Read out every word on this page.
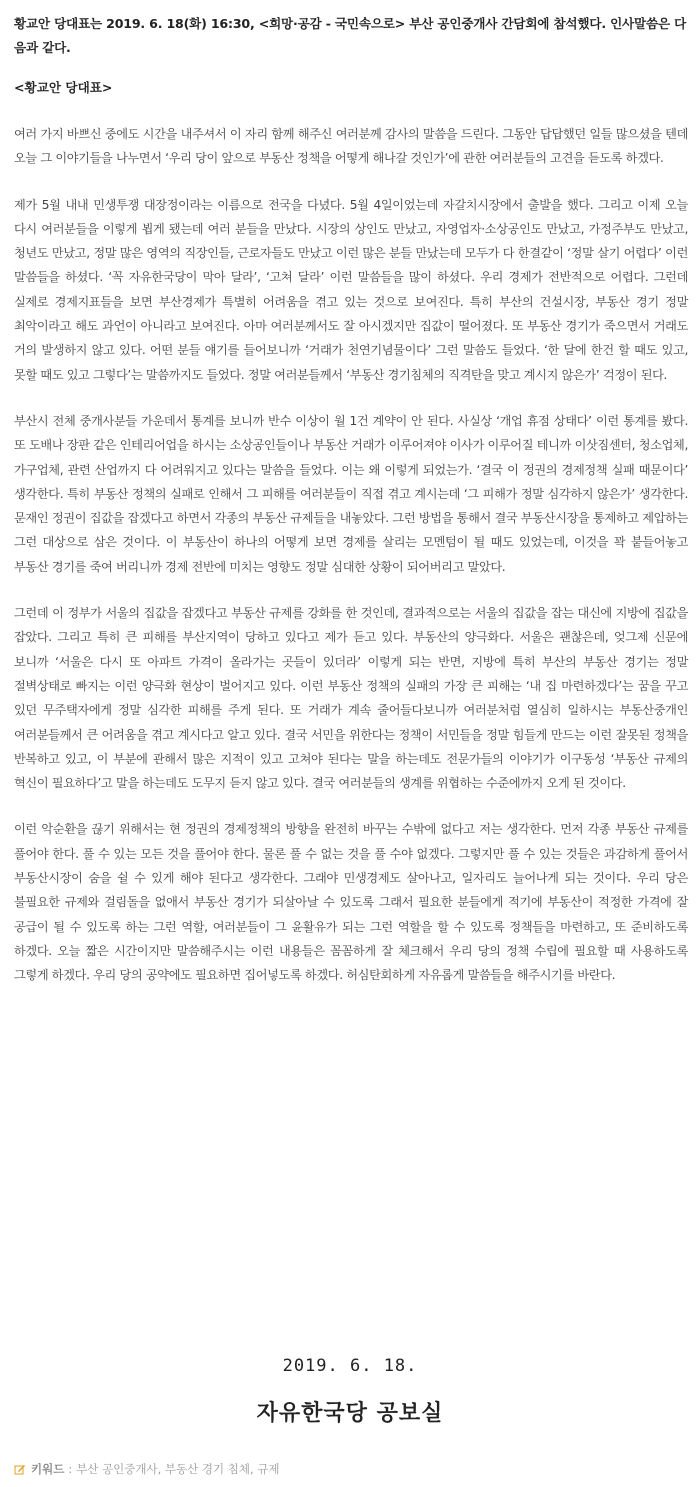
황교안 당대표는 2019. 6. 18(화) 16:30, <희망·공감 - 국민속으로> 부산 공인중개사 간담회에 참석했다. 인사말씀은 다음과 같다.

<황교안 당대표>

여러 가지 바쁘신 중에도 시간을 내주셔서 이 자리 함께 해주신 여러분께 감사의 말씀을 드린다. 그동안 답답했던 일들 많으셨을 텐데 오늘 그 이야기들을 나누면서 ‘우리 당이 앞으로 부동산 정책을 어떻게 해나갈 것인가’에 관한 여러분들의 고견을 듣도록 하겠다.

제가 5월 내내 민생투쟁 대장정이라는 이름으로 전국을 다녔다. 5월 4일이었는데 자갈치시장에서 출발을 했다. 그리고 이제 오늘 다시 여러분들을 이렇게 뵙게 됐는데 여러 분들을 만났다. 시장의 상인도 만났고, 자영업자·소상공인도 만났고, 가정주부도 만났고, 청년도 만났고, 정말 많은 영역의 직장인들, 근로자들도 만났고 이런 많은 분들 만났는데 모두가 다 한결같이 ‘정말 살기 어렵다’ 이런 말씀들을 하셨다. ‘꼭 자유한국당이 막아 달라’, ‘고쳐 달라’ 이런 말씀들을 많이 하셨다. 우리 경제가 전반적으로 어렵다. 그런데 실제로 경제지표들을 보면 부산경제가 특별히 어려움을 겪고 있는 것으로 보여진다. 특히 부산의 건설시장, 부동산 경기 정말 최악이라고 해도 과언이 아니라고 보여진다. 아마 여러분께서도 잘 아시겠지만 집값이 떨어졌다. 또 부동산 경기가 죽으면서 거래도 거의 발생하지 않고 있다. 어떤 분들 얘기를 들어보니까 ‘거래가 천연기념물이다’ 그런 말씀도 들었다. ‘한 달에 한건 할 때도 있고, 못할 때도 있고 그렇다’는 말씀까지도 들었다. 정말 여러분들께서 ‘부동산 경기침체의 직격탄을 맞고 계시지 않은가’ 걱정이 된다.

부산시 전체 중개사분들 가운데서 통계를 보니까 반수 이상이 월 1건 계약이 안 된다. 사실상 ‘개업 휴점 상태다’ 이런 통계를 봤다. 또 도배나 장판 같은 인테리어업을 하시는 소상공인들이나 부동산 거래가 이루어져야 이사가 이루어질 테니까 이삿짐센터, 청소업체, 가구업체, 관련 산업까지 다 어려워지고 있다는 말씀을 들었다. 이는 왜 이렇게 되었는가. ‘결국 이 정권의 경제정책 실패 때문이다’ 생각한다. 특히 부동산 정책의 실패로 인해서 그 피해를 여러분들이 직접 겪고 계시는데 ‘그 피해가 정말 심각하지 않은가’ 생각한다. 문재인 정권이 집값을 잡겠다고 하면서 각종의 부동산 규제들을 내놓았다. 그런 방법을 통해서 결국 부동산시장을 통제하고 제압하는 그런 대상으로 삼은 것이다. 이 부동산이 하나의 어떻게 보면 경제를 살리는 모멘텀이 될 때도 있었는데, 이것을 꽉 붙들어놓고 부동산 경기를 죽여 버리니까 경제 전반에 미치는 영향도 정말 심대한 상황이 되어버리고 말았다.

그런데 이 정부가 서울의 집값을 잡겠다고 부동산 규제를 강화를 한 것인데, 결과적으로는 서울의 집값을 잡는 대신에 지방에 집값을 잡았다. 그리고 특히 큰 피해를 부산지역이 당하고 있다고 제가 듣고 있다. 부동산의 양극화다. 서울은 괜찮은데, 엊그제 신문에 보니까 ‘서울은 다시 또 아파트 가격이 올라가는 곳들이 있더라’ 이렇게 되는 반면, 지방에 특히 부산의 부동산 경기는 정말 절벽상태로 빠지는 이런 양극화 현상이 벌어지고 있다. 이런 부동산 정책의 실패의 가장 큰 피해는 ‘내 집 마련하겠다’는 꿈을 꾸고 있던 무주택자에게 정말 심각한 피해를 주게 된다. 또 거래가 계속 줄어들다보니까 여러분처럼 열심히 일하시는 부동산중개인 여러분들께서 큰 어려움을 겪고 계시다고 알고 있다. 결국 서민을 위한다는 정책이 서민들을 정말 힘들게 만드는 이런 잘못된 정책을 반복하고 있고, 이 부분에 관해서 많은 지적이 있고 고쳐야 된다는 말을 하는데도 전문가들의 이야기가 이구동성 ‘부동산 규제의 혁신이 필요하다’고 말을 하는데도 도무지 듣지 않고 있다. 결국 여러분들의 생계를 위협하는 수준에까지 오게 된 것이다.

이런 악순환을 끊기 위해서는 현 정권의 경제정책의 방향을 완전히 바꾸는 수밖에 없다고 저는 생각한다. 먼저 각종 부동산 규제를 풀어야 한다. 풀 수 있는 모든 것을 풀어야 한다. 물론 풀 수 없는 것을 풀 수야 없겠다. 그렇지만 풀 수 있는 것들은 과감하게 풀어서 부동산시장이 숨을 쉴 수 있게 해야 된다고 생각한다. 그래야 민생경제도 살아나고, 일자리도 늘어나게 되는 것이다. 우리 당은 불필요한 규제와 걸림돌을 없애서 부동산 경기가 되살아날 수 있도록 그래서 필요한 분들에게 적기에 부동산이 적정한 가격에 잘 공급이 될 수 있도록 하는 그런 역할, 여러분들이 그 윤활유가 되는 그런 역할을 할 수 있도록 정책들을 마련하고, 또 준비하도록 하겠다. 오늘 짧은 시간이지만 말씀해주시는 이런 내용들은 꼼꼼하게 잘 체크해서 우리 당의 정책 수립에 필요할 때 사용하도록 그렇게 하겠다. 우리 당의 공약에도 필요하면 집어넣도록 하겠다. 허심탄회하게 자유롭게 말씀들을 해주시기를 바란다.

2019. 6. 18.
자유한국당 공보실
키워드 : 부산 공인중개사, 부동산 경기 침체, 규제
